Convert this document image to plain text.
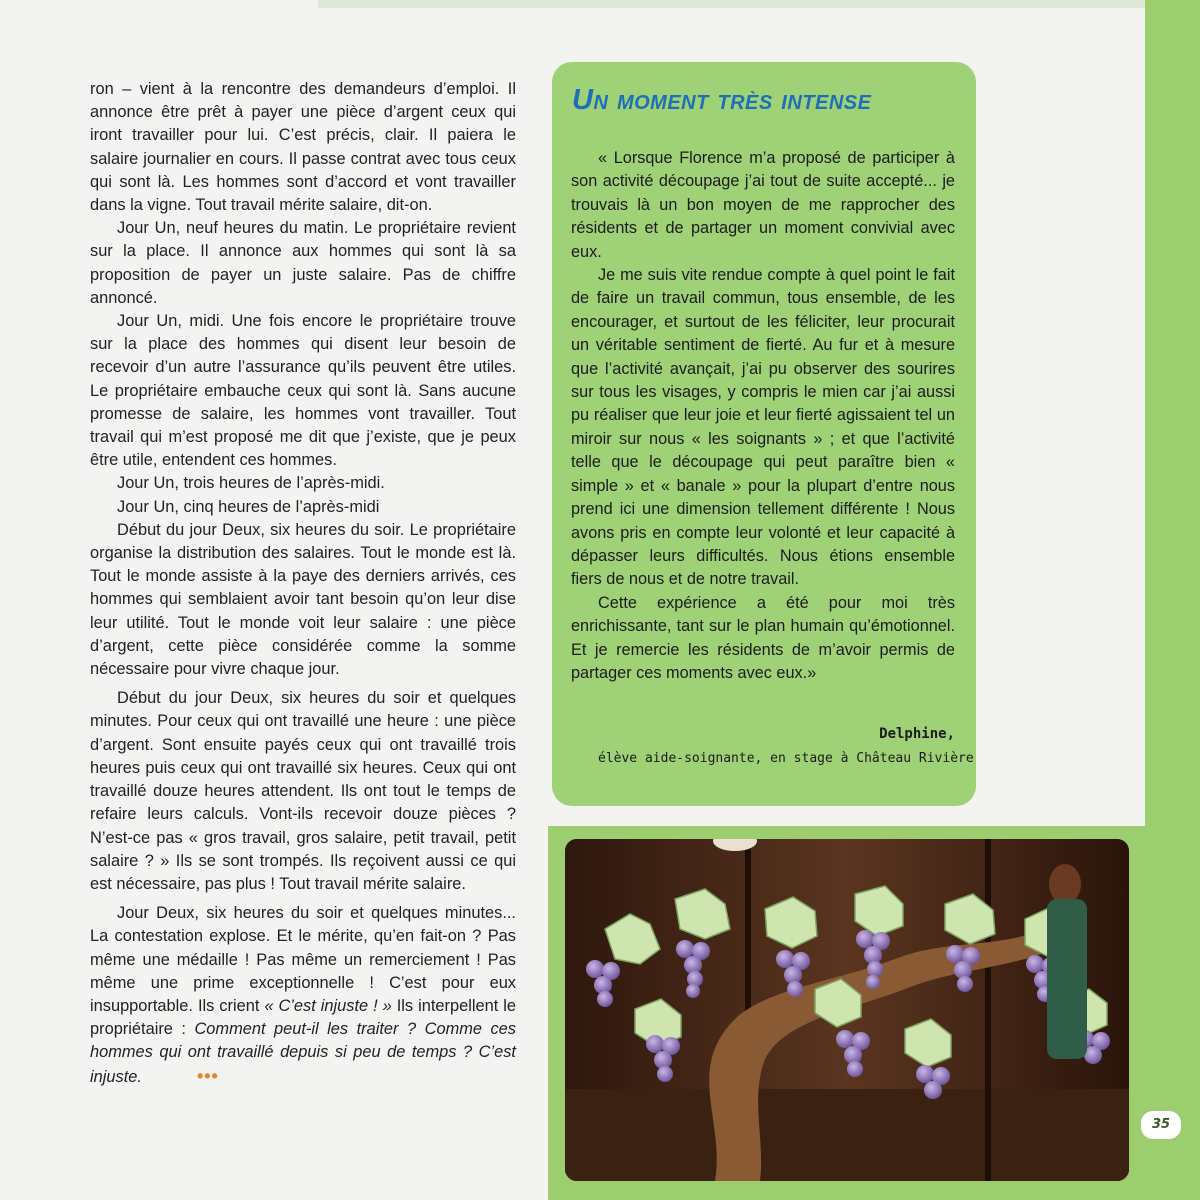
ron – vient à la rencontre des demandeurs d’emploi. Il annonce être prêt à payer une pièce d’argent ceux qui iront travailler pour lui. C’est précis, clair. Il paiera le salaire journalier en cours. Il passe contrat avec tous ceux qui sont là. Les hommes sont d’accord et vont travailler dans la vigne. Tout travail mérite salaire, dit-on.

Jour Un, neuf heures du matin. Le propriétaire revient sur la place. Il annonce aux hommes qui sont là sa proposition de payer un juste salaire. Pas de chiffre annoncé.

Jour Un, midi. Une fois encore le propriétaire trouve sur la place des hommes qui disent leur besoin de recevoir d’un autre l’assurance qu’ils peuvent être utiles. Le propriétaire embauche ceux qui sont là. Sans aucune promesse de salaire, les hommes vont travailler. Tout travail qui m’est proposé me dit que j’existe, que je peux être utile, entendent ces hommes.

Jour Un, trois heures de l’après-midi.

Jour Un, cinq heures de l’après-midi

Début du jour Deux, six heures du soir. Le propriétaire organise la distribution des salaires. Tout le monde est là. Tout le monde assiste à la paye des derniers arrivés, ces hommes qui semblaient avoir tant besoin qu’on leur dise leur utilité. Tout le monde voit leur salaire : une pièce d’argent, cette pièce considérée comme la somme nécessaire pour vivre chaque jour.

Début du jour Deux, six heures du soir et quelques minutes. Pour ceux qui ont travaillé une heure : une pièce d’argent. Sont ensuite payés ceux qui ont travaillé trois heures puis ceux qui ont travaillé six heures. Ceux qui ont travaillé douze heures attendent. Ils ont tout le temps de refaire leurs calculs. Vont-ils recevoir douze pièces ? N’est-ce pas « gros travail, gros salaire, petit travail, petit salaire ? » Ils se sont trompés. Ils reçoivent aussi ce qui est nécessaire, pas plus ! Tout travail mérite salaire.

Jour Deux, six heures du soir et quelques minutes... La contestation explose. Et le mérite, qu’en fait-on ? Pas même une médaille ! Pas même un remerciement ! Pas même une prime exceptionnelle ! C’est pour eux insupportable. Ils crient « C’est injuste ! » Ils interpellent le propriétaire : Comment peut-il les traiter ? Comme ces hommes qui ont travaillé depuis si peu de temps ? C’est injuste.	•••

Un moment très intense

« Lorsque Florence m’a proposé de participer à son activité découpage j’ai tout de suite accepté... je trouvais là un bon moyen de me rapprocher des résidents et de partager un moment convivial avec eux.

Je me suis vite rendue compte à quel point le fait de faire un travail commun, tous ensemble, de les encourager, et surtout de les féliciter, leur procurait un véritable sentiment de fierté. Au fur et à mesure que l’activité avançait, j’ai pu observer des sourires sur tous les visages, y compris le mien car j’ai aussi pu réaliser que leur joie et leur fierté agissaient tel un miroir sur nous « les soignants » ; et que l’activité telle que le découpage qui peut paraître bien « simple » et « banale » pour la plupart d’entre nous prend ici une dimension tellement différente ! Nous avons pris en compte leur volonté et leur capacité à dépasser leurs difficultés. Nous étions ensemble fiers de nous et de notre travail.

Cette expérience a été pour moi très enrichissante, tant sur le plan humain qu’émotionnel. Et je remercie les résidents de m’avoir permis de partager ces moments avec eux.»

Delphine,
élève aide-soignante, en stage à Château Rivière
35
